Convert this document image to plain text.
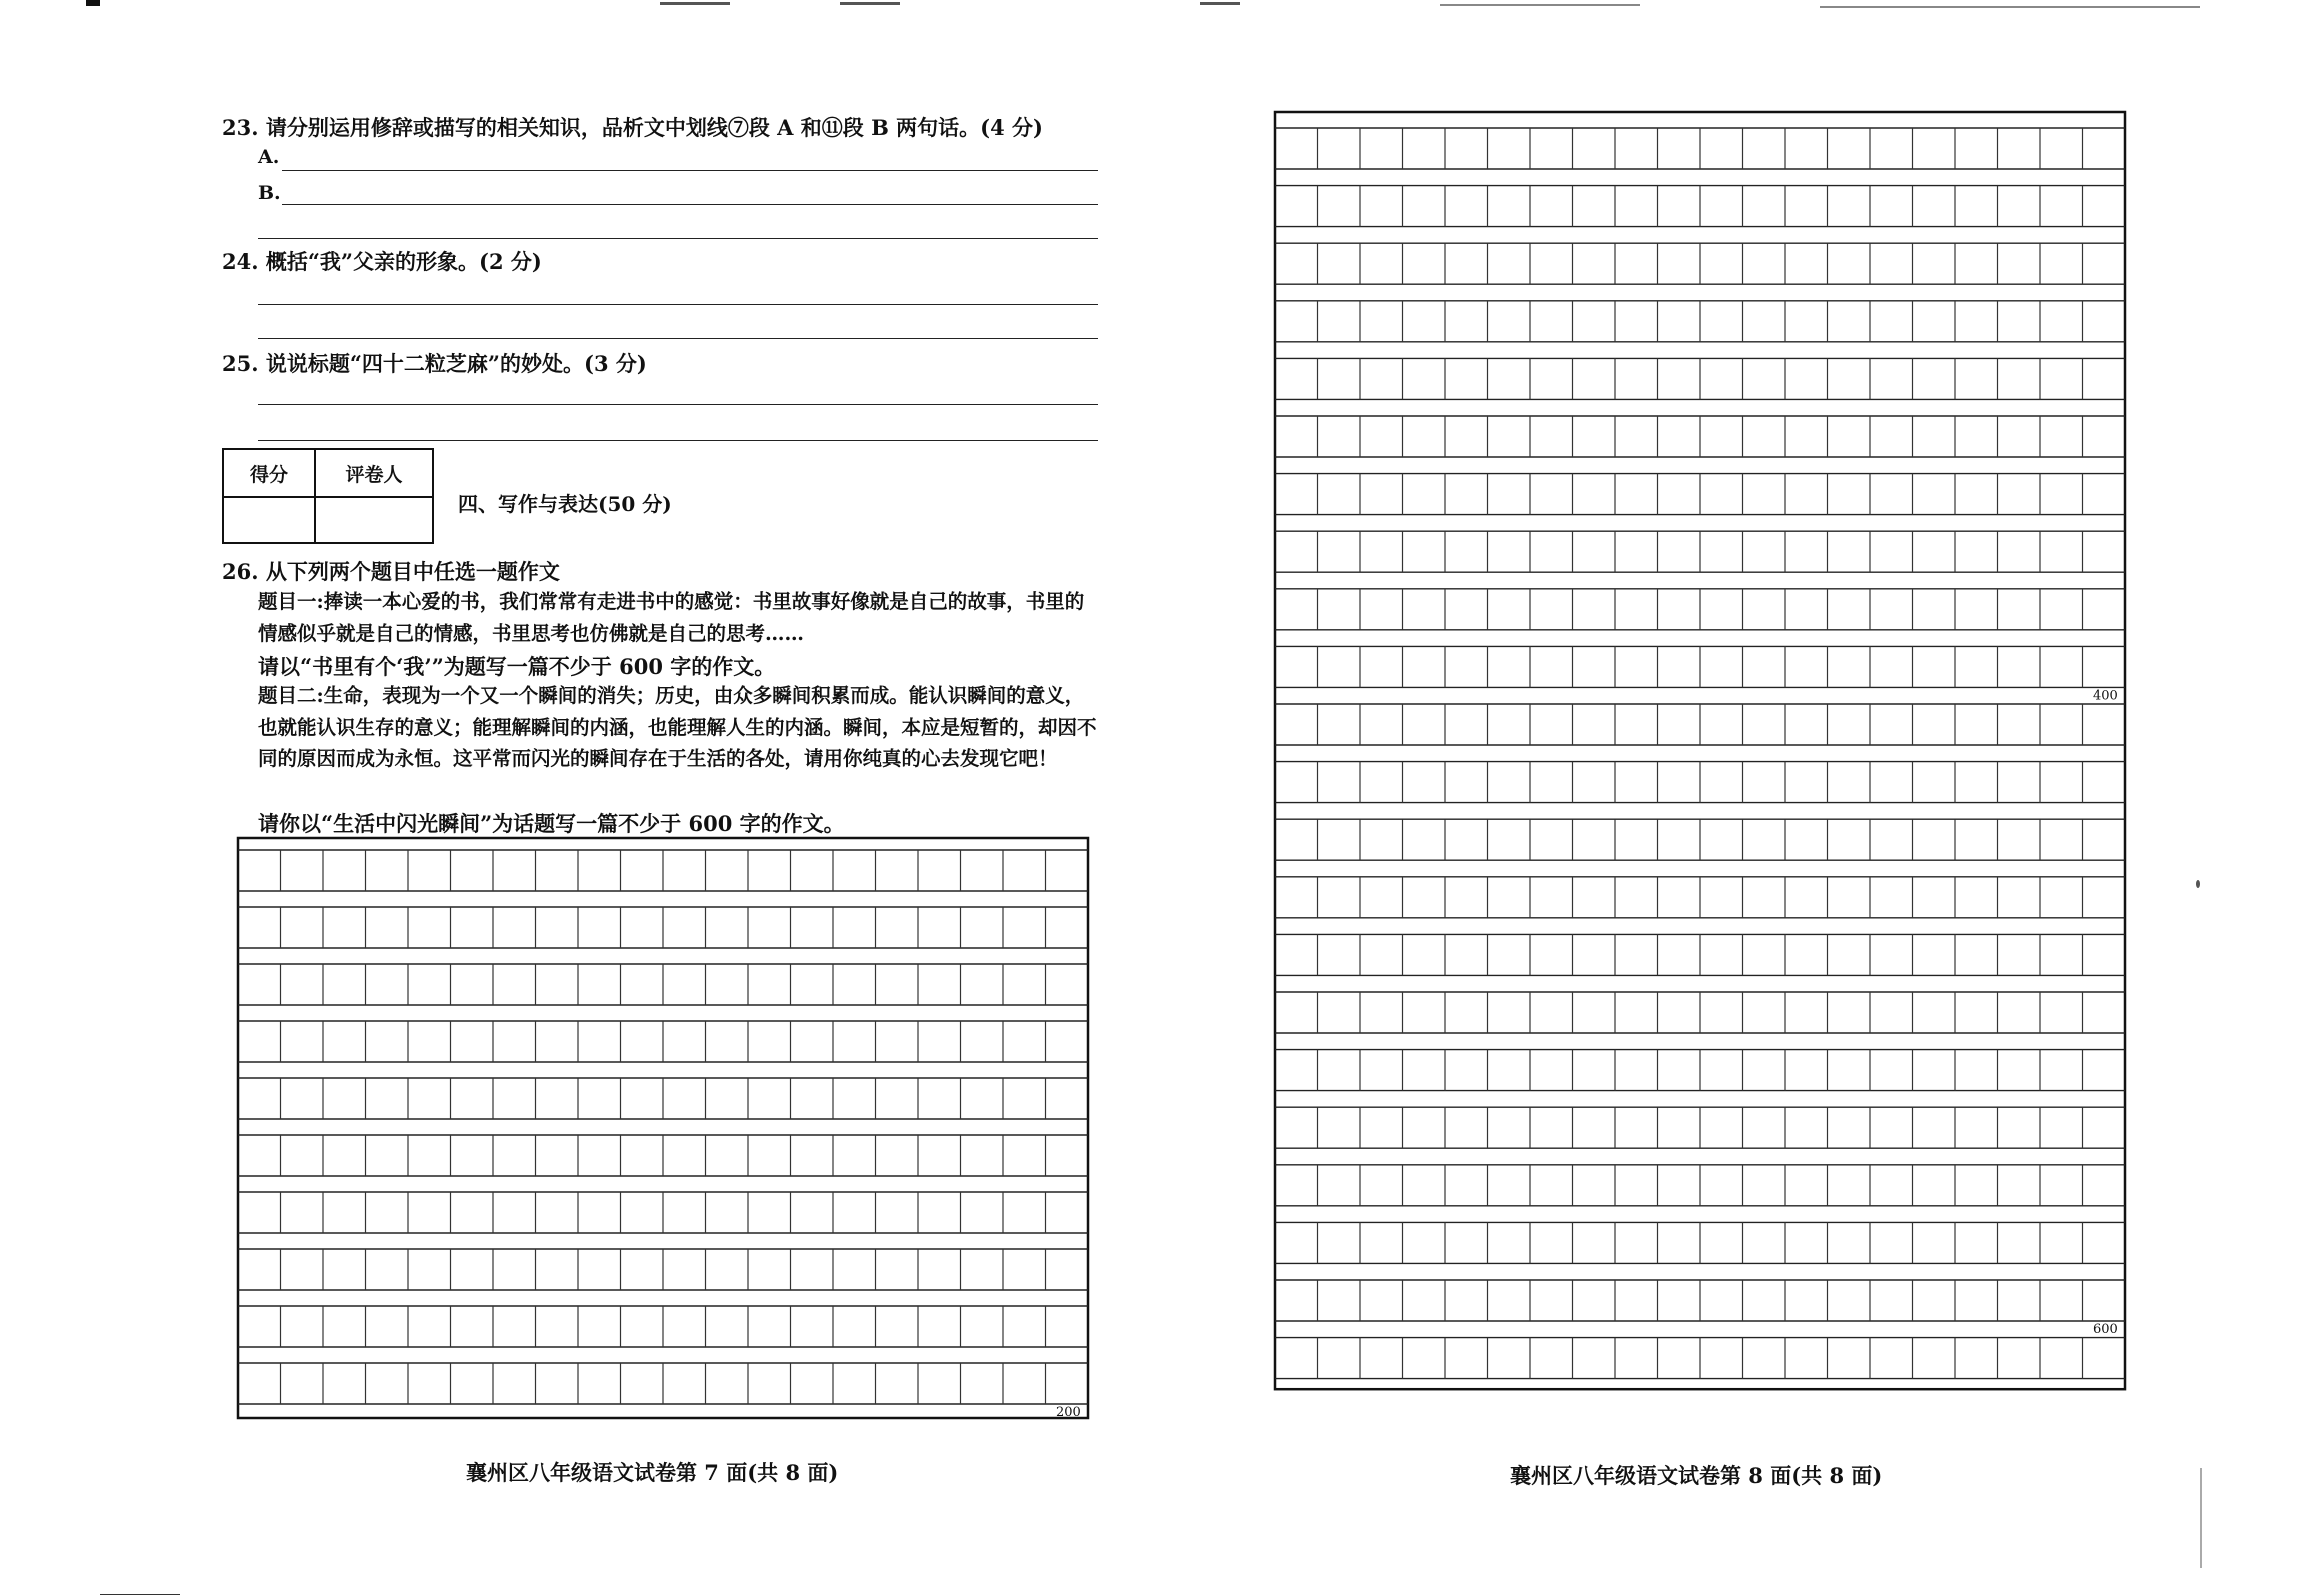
23. 请分别运用修辞或描写的相关知识，品析文中划线⑦段 A 和⑪段 B 两句话。(4 分)
A.
B.
24. 概括“我”父亲的形象。(2 分)
25. 说说标题“四十二粒芝麻”的妙处。(3 分)
得分	评卷人
四、写作与表达(50 分)
26. 从下列两个题目中任选一题作文
题目一:捧读一本心爱的书，我们常常有走进书中的感觉：书里故事好像就是自己的故事，书里的情感似乎就是自己的情感，书里思考也仿佛就是自己的思考……
请以“书里有个‘我’”为题写一篇不少于 600 字的作文。
题目二:生命，表现为一个又一个瞬间的消失；历史，由众多瞬间积累而成。能认识瞬间的意义，也就能认识生存的意义；能理解瞬间的内涵，也能理解人生的内涵。瞬间，本应是短暂的，却因不同的原因而成为永恒。这平常而闪光的瞬间存在于生活的各处，请用你纯真的心去发现它吧！
请你以“生活中闪光瞬间”为话题写一篇不少于 600 字的作文。
200
襄州区八年级语文试卷第 7 面(共 8 面)
400
600
襄州区八年级语文试卷第 8 面(共 8 面)
